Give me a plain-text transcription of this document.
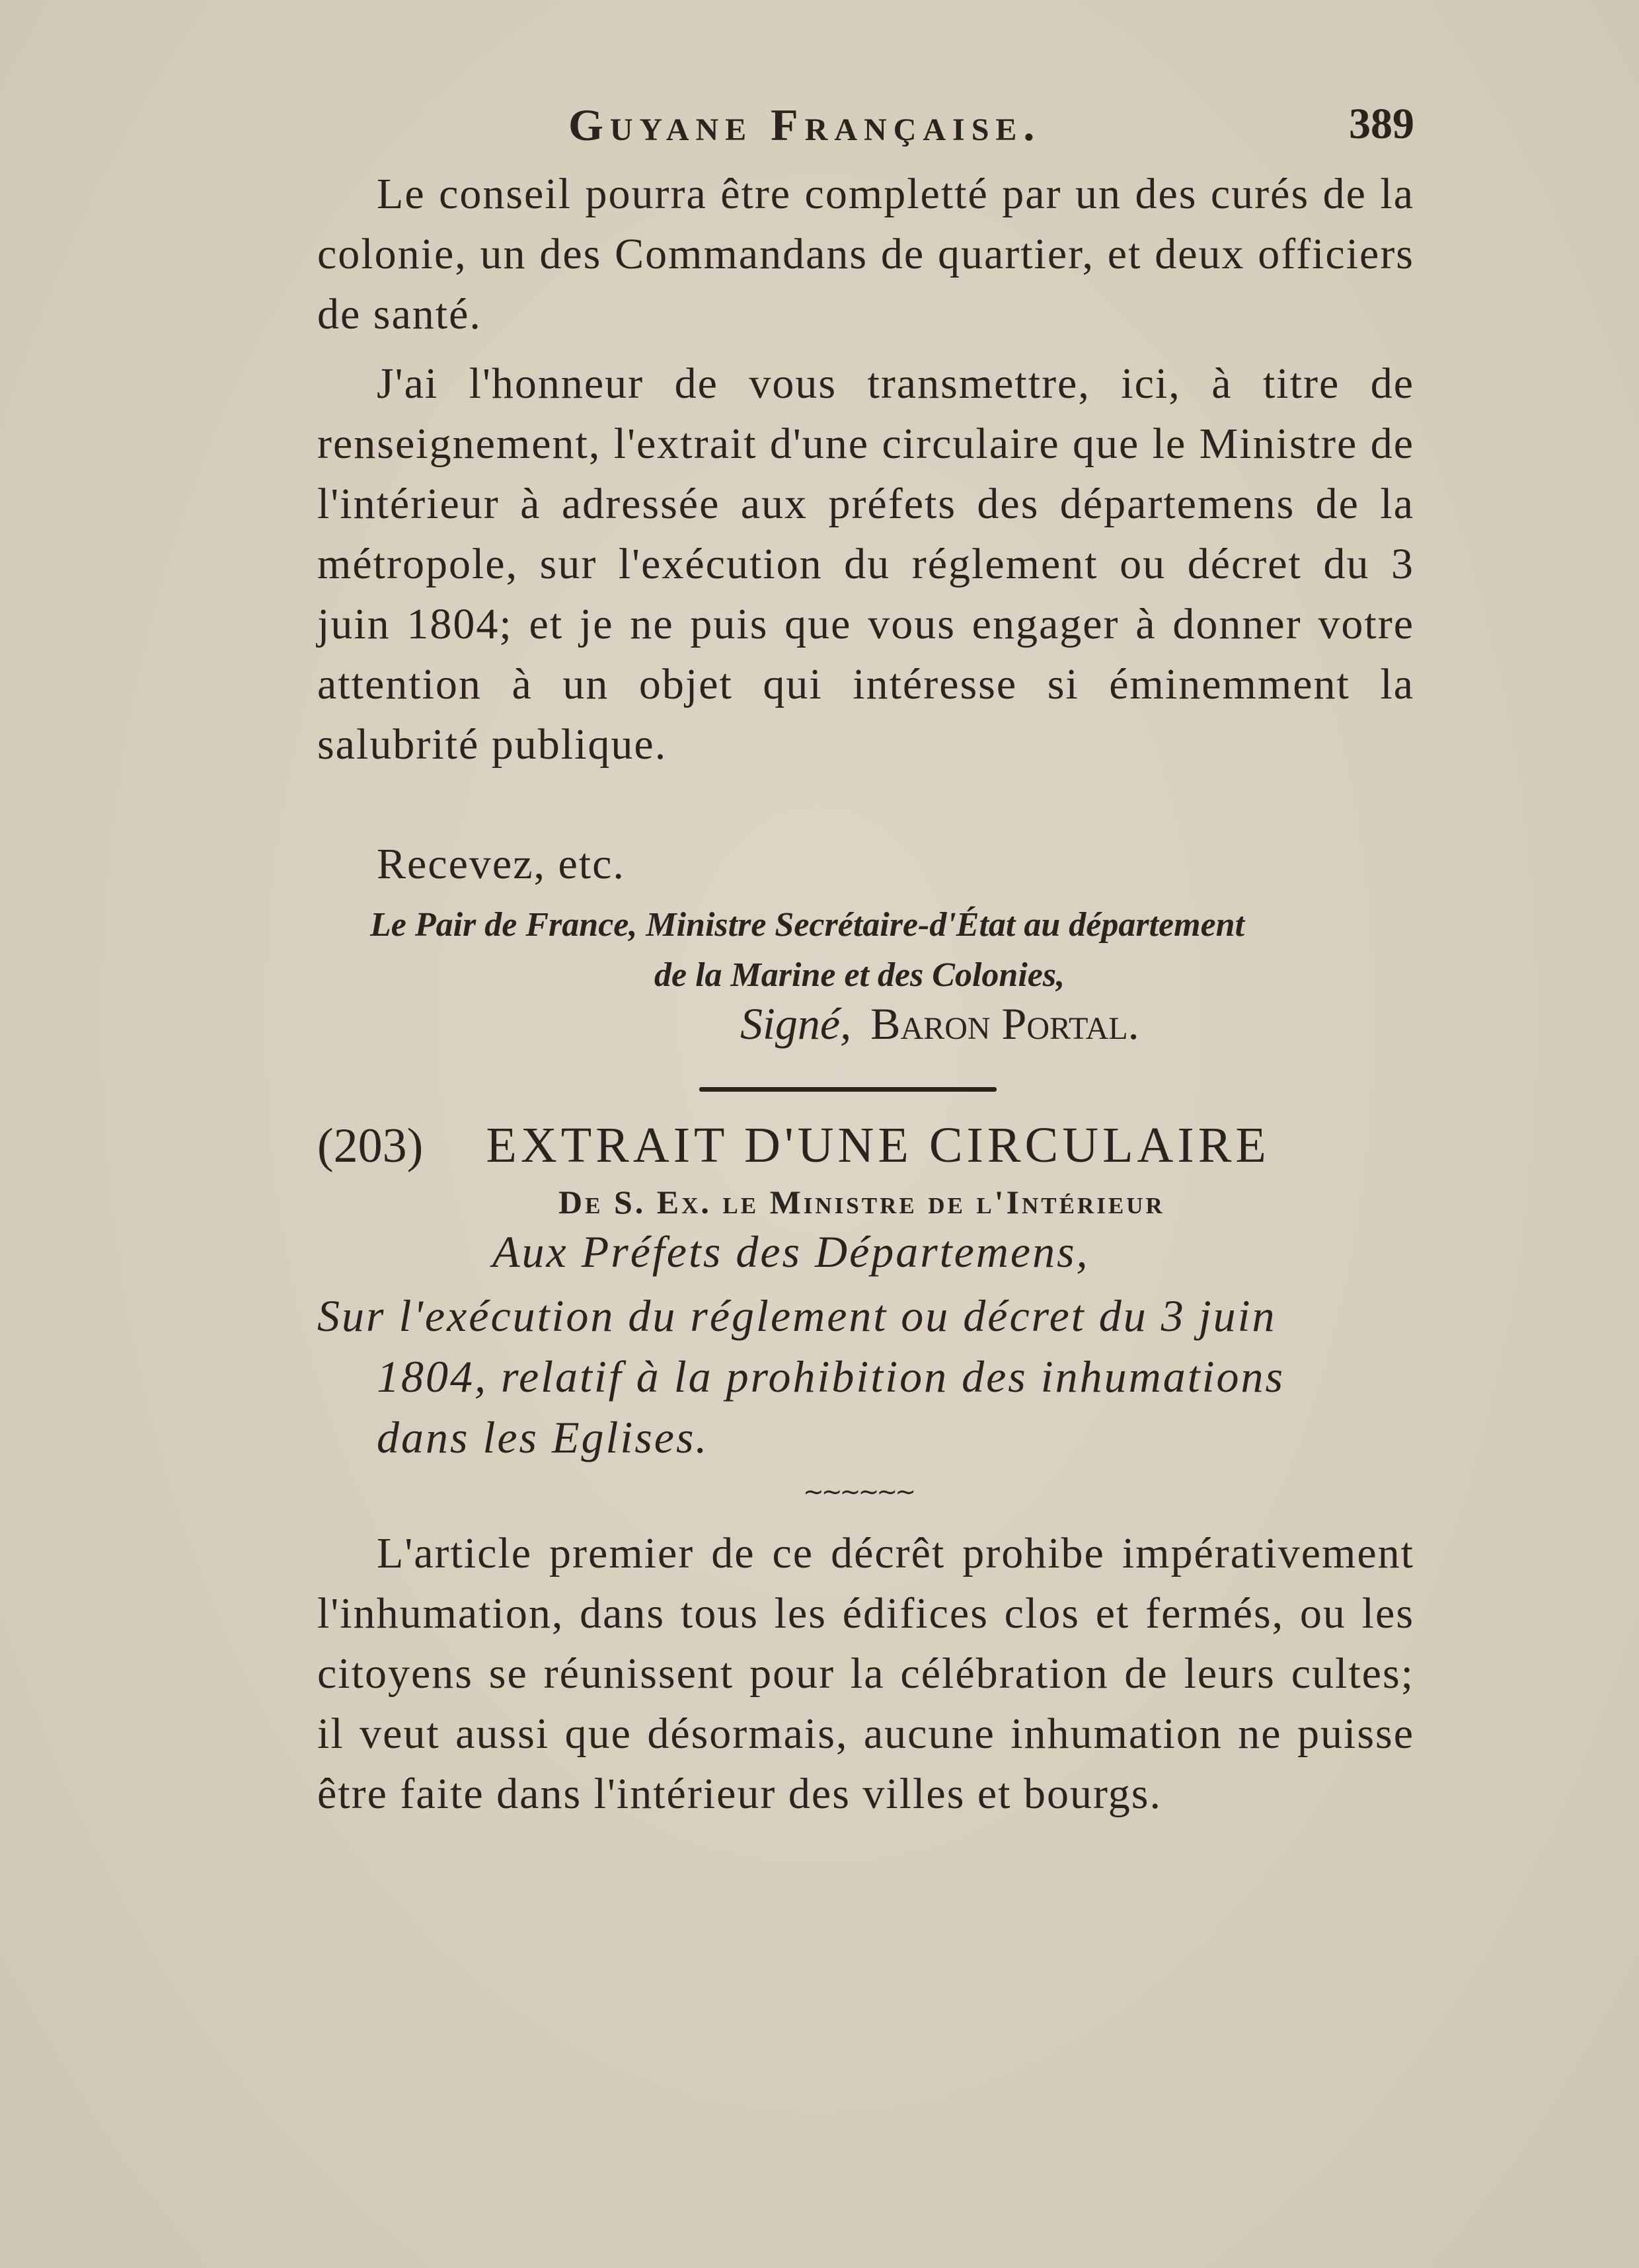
Guyane Française.	389

Le conseil pourra être completté par un des curés de la colonie, un des Commandans de quartier, et deux officiers de santé.

J'ai l'honneur de vous transmettre, ici, à titre de renseignement, l'extrait d'une circulaire que le Ministre de l'intérieur à adressée aux préfets des départemens de la métropole, sur l'exécution du réglement ou décret du 3 juin 1804; et je ne puis que vous engager à donner votre attention à un objet qui intéresse si éminemment la salubrité publique.

Recevez, etc.

Le Pair de France, Ministre Secrétaire-d'État au département

de la Marine et des Colonies,

Signé, Baron Portal.
(203) EXTRAIT D'UNE CIRCULAIRE
De S. Ex. le Ministre de l'Intérieur
Aux Préfets des Départemens,
Sur l'exécution du réglement ou décret du 3 juin
1804, relatif à la prohibition des inhumations
dans les Eglises.
~~~~~~

L'article premier de ce décrêt prohibe impérativement l'inhumation, dans tous les édifices clos et fermés, ou les citoyens se réunissent pour la célébration de leurs cultes; il veut aussi que désormais, aucune inhumation ne puisse être faite dans l'intérieur des villes et bourgs.
